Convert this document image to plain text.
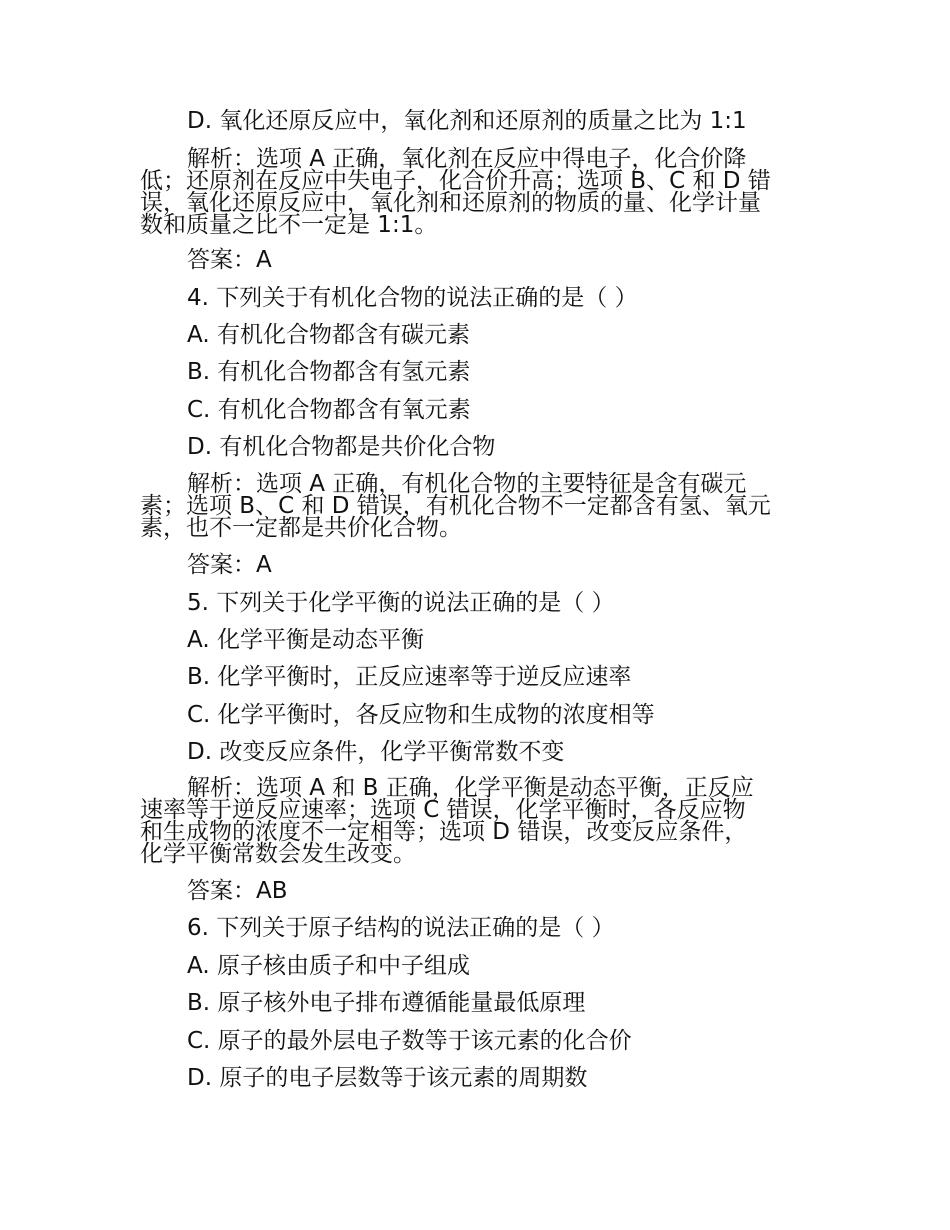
D. 氧化还原反应中，氧化剂和还原剂的质量之比为 1:1
解析：选项 A 正确，氧化剂在反应中得电子，化合价降
低；还原剂在反应中失电子，化合价升高；选项 B、C 和 D 错
误，氧化还原反应中，氧化剂和还原剂的物质的量、化学计量
数和质量之比不一定是 1:1。
答案：A
4. 下列关于有机化合物的说法正确的是（ ）
A. 有机化合物都含有碳元素
B. 有机化合物都含有氢元素
C. 有机化合物都含有氧元素
D. 有机化合物都是共价化合物
解析：选项 A 正确，有机化合物的主要特征是含有碳元
素；选项 B、C 和 D 错误，有机化合物不一定都含有氢、氧元
素，也不一定都是共价化合物。
答案：A
5. 下列关于化学平衡的说法正确的是（ ）
A. 化学平衡是动态平衡
B. 化学平衡时，正反应速率等于逆反应速率
C. 化学平衡时，各反应物和生成物的浓度相等
D. 改变反应条件，化学平衡常数不变
解析：选项 A 和 B 正确，化学平衡是动态平衡，正反应
速率等于逆反应速率；选项 C 错误，化学平衡时，各反应物
和生成物的浓度不一定相等；选项 D 错误，改变反应条件，
化学平衡常数会发生改变。
答案：AB
6. 下列关于原子结构的说法正确的是（ ）
A. 原子核由质子和中子组成
B. 原子核外电子排布遵循能量最低原理
C. 原子的最外层电子数等于该元素的化合价
D. 原子的电子层数等于该元素的周期数
